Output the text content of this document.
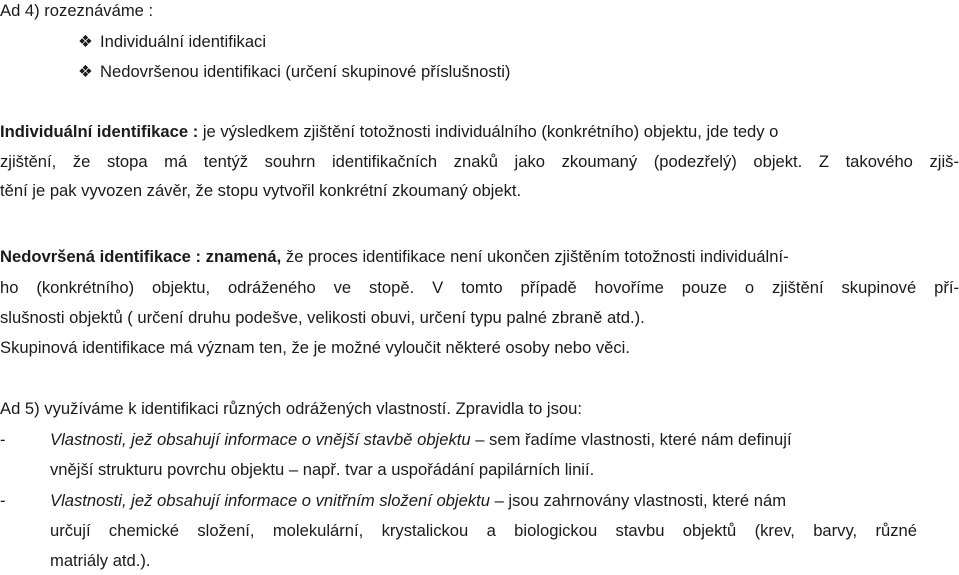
Ad 4) rozeznáváme :
❖ Individuální identifikaci
❖ Nedovršenou identifikaci (určení skupinové příslušnosti)
Individuální identifikace : je výsledkem zjištění totožnosti individuálního (konkrétního) objektu, jde tedy o
zjištění, že stopa má tentýž souhrn identifikačních znaků jako zkoumaný (podezřelý) objekt. Z takového zjiš-
tění je pak vyvozen závěr, že stopu vytvořil konkrétní zkoumaný objekt.
Nedovršená identifikace : znamená, že proces identifikace není ukončen zjištěním totožnosti individuální-
ho (konkrétního) objektu, odráženého ve stopě. V tomto případě hovoříme pouze o zjištění skupinové pří-
slušnosti objektů ( určení druhu podešve, velikosti obuvi, určení typu palné zbraně atd.).
Skupinová identifikace má význam ten, že je možné vyloučit některé osoby nebo věci.
Ad 5) využíváme k identifikaci různých odrážených vlastností. Zpravidla to jsou:
-	Vlastnosti, jež obsahují informace o vnější stavbě objektu – sem řadíme vlastnosti, které nám definují
vnější strukturu povrchu objektu – např. tvar a uspořádání papilárních linií.
-	Vlastnosti, jež obsahují informace o vnitřním složení objektu – jsou zahrnovány vlastnosti, které nám
určují chemické složení, molekulární, krystalickou a biologickou stavbu objektů (krev, barvy, různé
matriály atd.).
